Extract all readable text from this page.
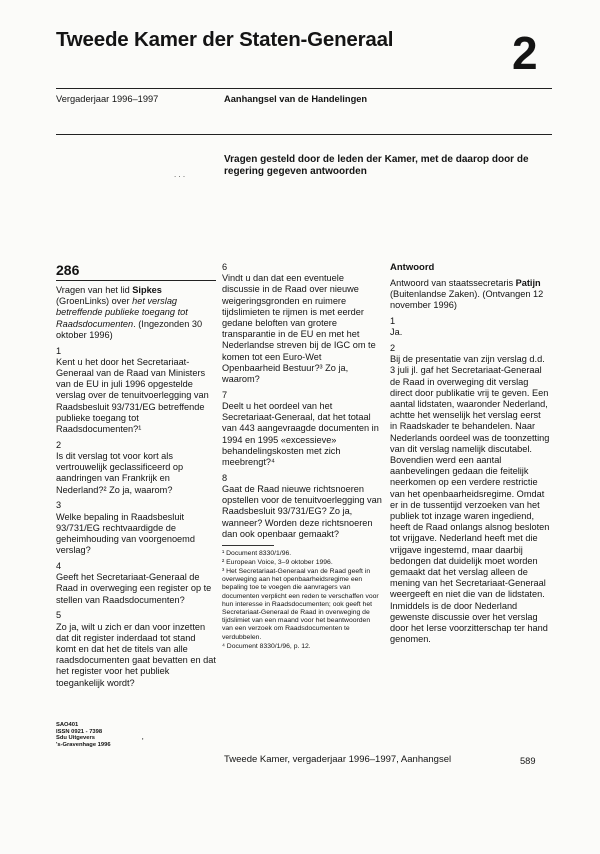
Tweede Kamer der Staten-Generaal	2
Vergaderjaar 1996–1997	Aanhangsel van de Handelingen
Vragen gesteld door de leden der Kamer, met de daarop door de regering gegeven antwoorden
. . .

286

Vragen van het lid Sipkes (GroenLinks) over het verslag betreffende publieke toegang tot Raadsdocumenten. (Ingezonden 30 oktober 1996)

1
Kent u het door het Secretariaat-Generaal van de Raad van Ministers van de EU in juli 1996 opgestelde verslag over de tenuitvoerlegging van Raadsbesluit 93/731/EG betreffende publieke toegang tot Raadsdocumenten?¹

2
Is dit verslag tot voor kort als vertrouwelijk geclassificeerd op aandringen van Frankrijk en Nederland?² Zo ja, waarom?

3
Welke bepaling in Raadsbesluit 93/731/EG rechtvaardigde de geheimhouding van voorgenoemd verslag?

4
Geeft het Secretariaat-Generaal de Raad in overweging een register op te stellen van Raadsdocumenten?

5
Zo ja, wilt u zich er dan voor inzetten dat dit register inderdaad tot stand komt en dat het de titels van alle raadsdocumenten gaat bevatten en dat het register voor het publiek toegankelijk wordt?

6
Vindt u dan dat een eventuele discussie in de Raad over nieuwe weigeringsgronden en ruimere tijdslimieten te rijmen is met eerder gedane beloften van grotere transparantie in de EU en met het Nederlandse streven bij de IGC om te komen tot een Euro-Wet Openbaarheid Bestuur?³ Zo ja, waarom?

7
Deelt u het oordeel van het Secretariaat-Generaal, dat het totaal van 443 aangevraagde documenten in 1994 en 1995 «excessieve» behandelingskosten met zich meebrengt?⁴

8
Gaat de Raad nieuwe richtsnoeren opstellen voor de tenuitvoerlegging van Raadsbesluit 93/731/EG? Zo ja, wanneer? Worden deze richtsnoeren dan ook openbaar gemaakt?

¹ Document 8330/1/96.

² European Voice, 3–9 oktober 1996.

³ Het Secretariaat-Generaal van de Raad geeft in overweging aan het openbaarheidsregime een bepaling toe te voegen die aanvragers van documenten verplicht een reden te verschaffen voor hun interesse in Raadsdocumenten; ook geeft het Secretariaat-Generaal de Raad in overweging de tijdslimiet van een maand voor het beantwoorden van een verzoek om Raadsdocumenten te verdubbelen.

⁴ Document 8330/1/96, p. 12.

Antwoord

Antwoord van staatssecretaris Patijn (Buitenlandse Zaken). (Ontvangen 12 november 1996)

1
Ja.

2
Bij de presentatie van zijn verslag d.d. 3 juli jl. gaf het Secretariaat-Generaal de Raad in overweging dit verslag direct door publikatie vrij te geven. Een aantal lidstaten, waaronder Nederland, achtte het wenselijk het verslag eerst in Raadskader te behandelen. Naar Nederlands oordeel was de toonzetting van dit verslag namelijk discutabel. Bovendien werd een aantal aanbevelingen gedaan die feitelijk neerkomen op een verdere restrictie van het openbaarheidsregime. Omdat er in de tussentijd verzoeken van het publiek tot inzage waren ingediend, heeft de Raad onlangs alsnog besloten tot vrijgave. Nederland heeft met die vrijgave ingestemd, maar daarbij bedongen dat duidelijk moet worden gemaakt dat het verslag alleen de mening van het Secretariaat-Generaal weergeeft en niet die van de lidstaten. Inmiddels is de door Nederland gewenste discussie over het verslag door het Ierse voorzitterschap ter hand genomen.

SAO401
ISSN 0921 - 7398
Sdu Uitgevers
's-Gravenhage 1996	'
Tweede Kamer, vergaderjaar 1996–1997, Aanhangsel	589
